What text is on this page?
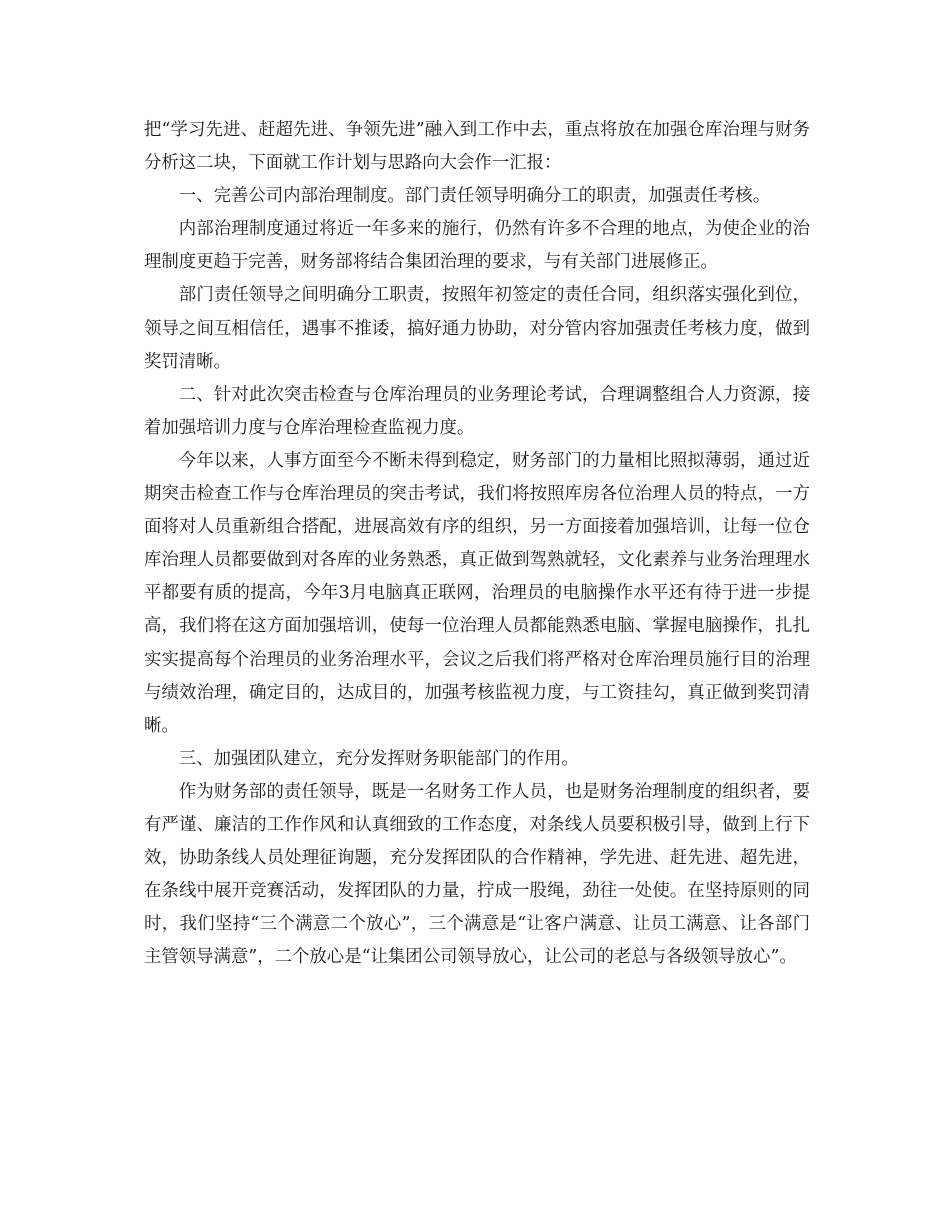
把“学习先进、赶超先进、争领先进”融入到工作中去，重点将放在加强仓库治理与财务分析这二块，下面就工作计划与思路向大会作一汇报：

一、完善公司内部治理制度。部门责任领导明确分工的职责，加强责任考核。

内部治理制度通过将近一年多来的施行，仍然有许多不合理的地点，为使企业的治理制度更趋于完善，财务部将结合集团治理的要求，与有关部门进展修正。

部门责任领导之间明确分工职责，按照年初签定的责任合同，组织落实强化到位，领导之间互相信任，遇事不推诿，搞好通力协助，对分管内容加强责任考核力度，做到奖罚清晰。

二、针对此次突击检查与仓库治理员的业务理论考试，合理调整组合人力资源，接着加强培训力度与仓库治理检查监视力度。

今年以来，人事方面至今不断未得到稳定，财务部门的力量相比照拟薄弱，通过近期突击检查工作与仓库治理员的突击考试，我们将按照库房各位治理人员的特点，一方面将对人员重新组合搭配，进展高效有序的组织，另一方面接着加强培训，让每一位仓库治理人员都要做到对各库的业务熟悉，真正做到驾熟就轻，文化素养与业务治理理水平都要有质的提高，今年3月电脑真正联网，治理员的电脑操作水平还有待于进一步提高，我们将在这方面加强培训，使每一位治理人员都能熟悉电脑、掌握电脑操作，扎扎实实提高每个治理员的业务治理水平，会议之后我们将严格对仓库治理员施行目的治理与绩效治理，确定目的，达成目的，加强考核监视力度，与工资挂勾，真正做到奖罚清晰。

三、加强团队建立，充分发挥财务职能部门的作用。

作为财务部的责任领导，既是一名财务工作人员，也是财务治理制度的组织者，要有严谨、廉洁的工作作风和认真细致的工作态度，对条线人员要积极引导，做到上行下效，协助条线人员处理征询题，充分发挥团队的合作精神，学先进、赶先进、超先进，在条线中展开竞赛活动，发挥团队的力量，拧成一股绳，劲往一处使。在坚持原则的同时，我们坚持“三个满意二个放心”，三个满意是“让客户满意、让员工满意、让各部门主管领导满意”，二个放心是“让集团公司领导放心，让公司的老总与各级领导放心”。
